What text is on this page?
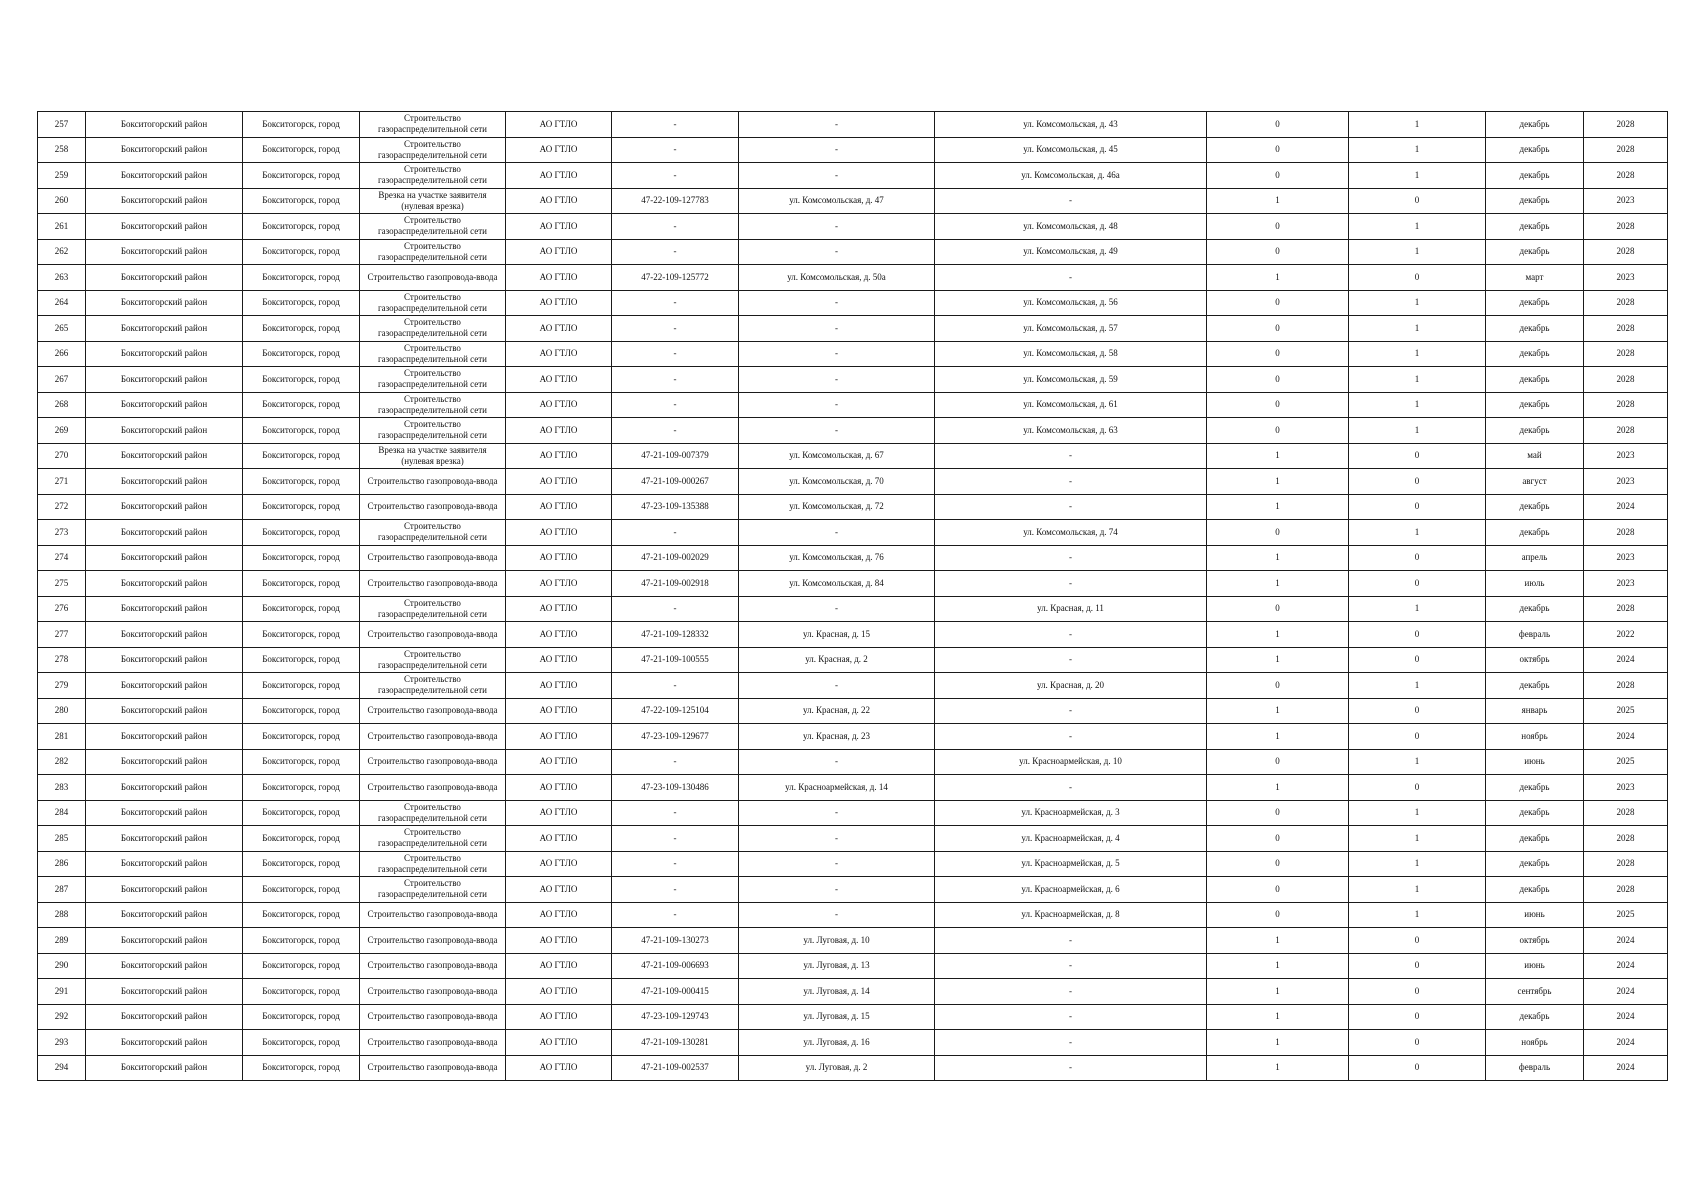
257	Бокситогорский район	Бокситогорск, город	Строительство газораспределительной сети	АО ГТЛО	-	-	ул. Комсомольская, д. 43	0	1	декабрь	2028
258	Бокситогорский район	Бокситогорск, город	Строительство газораспределительной сети	АО ГТЛО	-	-	ул. Комсомольская, д. 45	0	1	декабрь	2028
259	Бокситогорский район	Бокситогорск, город	Строительство газораспределительной сети	АО ГТЛО	-	-	ул. Комсомольская, д. 46а	0	1	декабрь	2028
260	Бокситогорский район	Бокситогорск, город	Врезка на участке заявителя (нулевая врезка)	АО ГТЛО	47-22-109-127783	ул. Комсомольская, д. 47	-	1	0	декабрь	2023
261	Бокситогорский район	Бокситогорск, город	Строительство газораспределительной сети	АО ГТЛО	-	-	ул. Комсомольская, д. 48	0	1	декабрь	2028
262	Бокситогорский район	Бокситогорск, город	Строительство газораспределительной сети	АО ГТЛО	-	-	ул. Комсомольская, д. 49	0	1	декабрь	2028
263	Бокситогорский район	Бокситогорск, город	Строительство газопровода-ввода	АО ГТЛО	47-22-109-125772	ул. Комсомольская, д. 50а	-	1	0	март	2023
264	Бокситогорский район	Бокситогорск, город	Строительство газораспределительной сети	АО ГТЛО	-	-	ул. Комсомольская, д. 56	0	1	декабрь	2028
265	Бокситогорский район	Бокситогорск, город	Строительство газораспределительной сети	АО ГТЛО	-	-	ул. Комсомольская, д. 57	0	1	декабрь	2028
266	Бокситогорский район	Бокситогорск, город	Строительство газораспределительной сети	АО ГТЛО	-	-	ул. Комсомольская, д. 58	0	1	декабрь	2028
267	Бокситогорский район	Бокситогорск, город	Строительство газораспределительной сети	АО ГТЛО	-	-	ул. Комсомольская, д. 59	0	1	декабрь	2028
268	Бокситогорский район	Бокситогорск, город	Строительство газораспределительной сети	АО ГТЛО	-	-	ул. Комсомольская, д. 61	0	1	декабрь	2028
269	Бокситогорский район	Бокситогорск, город	Строительство газораспределительной сети	АО ГТЛО	-	-	ул. Комсомольская, д. 63	0	1	декабрь	2028
270	Бокситогорский район	Бокситогорск, город	Врезка на участке заявителя (нулевая врезка)	АО ГТЛО	47-21-109-007379	ул. Комсомольская, д. 67	-	1	0	май	2023
271	Бокситогорский район	Бокситогорск, город	Строительство газопровода-ввода	АО ГТЛО	47-21-109-000267	ул. Комсомольская, д. 70	-	1	0	август	2023
272	Бокситогорский район	Бокситогорск, город	Строительство газопровода-ввода	АО ГТЛО	47-23-109-135388	ул. Комсомольская, д. 72	-	1	0	декабрь	2024
273	Бокситогорский район	Бокситогорск, город	Строительство газораспределительной сети	АО ГТЛО	-	-	ул. Комсомольская, д. 74	0	1	декабрь	2028
274	Бокситогорский район	Бокситогорск, город	Строительство газопровода-ввода	АО ГТЛО	47-21-109-002029	ул. Комсомольская, д. 76	-	1	0	апрель	2023
275	Бокситогорский район	Бокситогорск, город	Строительство газопровода-ввода	АО ГТЛО	47-21-109-002918	ул. Комсомольская, д. 84	-	1	0	июль	2023
276	Бокситогорский район	Бокситогорск, город	Строительство газораспределительной сети	АО ГТЛО	-	-	ул. Красная, д. 11	0	1	декабрь	2028
277	Бокситогорский район	Бокситогорск, город	Строительство газопровода-ввода	АО ГТЛО	47-21-109-128332	ул. Красная, д. 15	-	1	0	февраль	2022
278	Бокситогорский район	Бокситогорск, город	Строительство газораспределительной сети	АО ГТЛО	47-21-109-100555	ул. Красная, д. 2	-	1	0	октябрь	2024
279	Бокситогорский район	Бокситогорск, город	Строительство газораспределительной сети	АО ГТЛО	-	-	ул. Красная, д. 20	0	1	декабрь	2028
280	Бокситогорский район	Бокситогорск, город	Строительство газопровода-ввода	АО ГТЛО	47-22-109-125104	ул. Красная, д. 22	-	1	0	январь	2025
281	Бокситогорский район	Бокситогорск, город	Строительство газопровода-ввода	АО ГТЛО	47-23-109-129677	ул. Красная, д. 23	-	1	0	ноябрь	2024
282	Бокситогорский район	Бокситогорск, город	Строительство газопровода-ввода	АО ГТЛО	-	-	ул. Красноармейская, д. 10	0	1	июнь	2025
283	Бокситогорский район	Бокситогорск, город	Строительство газопровода-ввода	АО ГТЛО	47-23-109-130486	ул. Красноармейская, д. 14	-	1	0	декабрь	2023
284	Бокситогорский район	Бокситогорск, город	Строительство газораспределительной сети	АО ГТЛО	-	-	ул. Красноармейская, д. 3	0	1	декабрь	2028
285	Бокситогорский район	Бокситогорск, город	Строительство газораспределительной сети	АО ГТЛО	-	-	ул. Красноармейская, д. 4	0	1	декабрь	2028
286	Бокситогорский район	Бокситогорск, город	Строительство газораспределительной сети	АО ГТЛО	-	-	ул. Красноармейская, д. 5	0	1	декабрь	2028
287	Бокситогорский район	Бокситогорск, город	Строительство газораспределительной сети	АО ГТЛО	-	-	ул. Красноармейская, д. 6	0	1	декабрь	2028
288	Бокситогорский район	Бокситогорск, город	Строительство газопровода-ввода	АО ГТЛО	-	-	ул. Красноармейская, д. 8	0	1	июнь	2025
289	Бокситогорский район	Бокситогорск, город	Строительство газопровода-ввода	АО ГТЛО	47-21-109-130273	ул. Луговая, д. 10	-	1	0	октябрь	2024
290	Бокситогорский район	Бокситогорск, город	Строительство газопровода-ввода	АО ГТЛО	47-21-109-006693	ул. Луговая, д. 13	-	1	0	июнь	2024
291	Бокситогорский район	Бокситогорск, город	Строительство газопровода-ввода	АО ГТЛО	47-21-109-000415	ул. Луговая, д. 14	-	1	0	сентябрь	2024
292	Бокситогорский район	Бокситогорск, город	Строительство газопровода-ввода	АО ГТЛО	47-23-109-129743	ул. Луговая, д. 15	-	1	0	декабрь	2024
293	Бокситогорский район	Бокситогорск, город	Строительство газопровода-ввода	АО ГТЛО	47-21-109-130281	ул. Луговая, д. 16	-	1	0	ноябрь	2024
294	Бокситогорский район	Бокситогорск, город	Строительство газопровода-ввода	АО ГТЛО	47-21-109-002537	ул. Луговая, д. 2	-	1	0	февраль	2024
